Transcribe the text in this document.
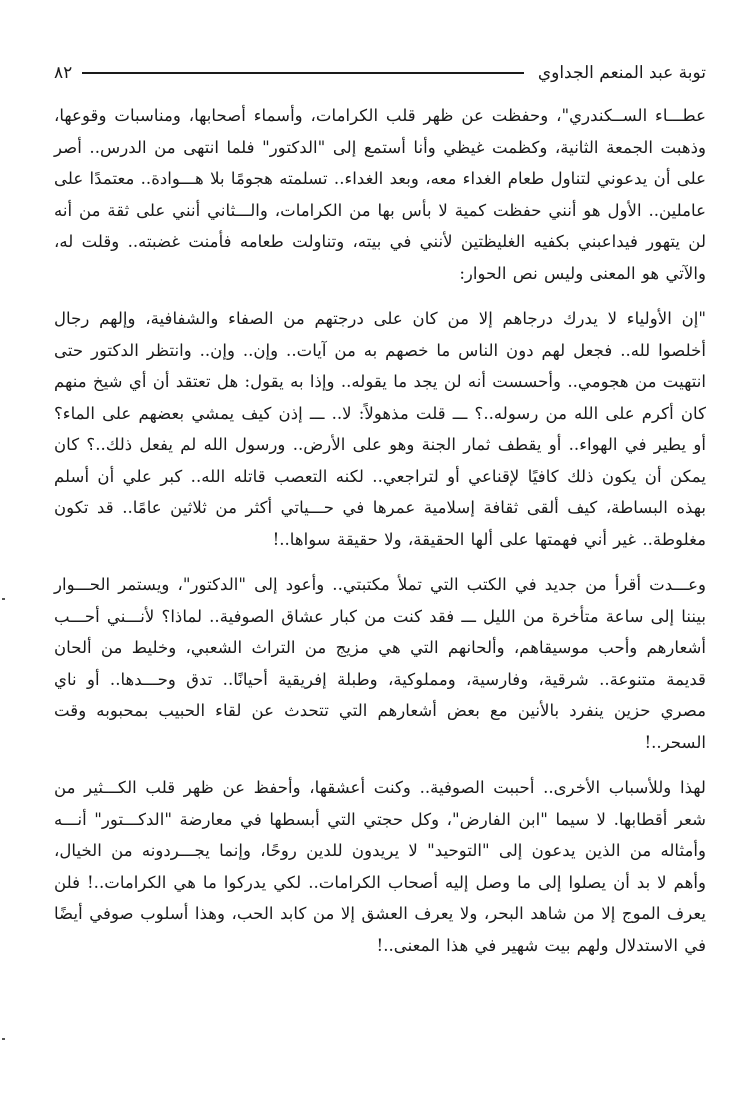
توبة عبد المنعم الجداوي
٨٢

عطـــاء الســكندري"، وحفظت عن ظهر قلب الكرامات، وأسماء أصحابها، ومناسبات وقوعها، وذهبت الجمعة الثانية، وكظمت غيظي وأنا أستمع إلى "الدكتور" فلما انتهى من الدرس.. أصر على أن يدعوني لتناول طعام الغداء معه، وبعد الغداء.. تسلمته هجومًا بلا هـــوادة.. معتمدًا على عاملين.. الأول هو أنني حفظت كمية لا بأس بها من الكرامات، والـــثاني أنني على ثقة من أنه لن يتهور فيداعبني بكفيه الغليظتين لأنني في بيته، وتناولت طعامه فأمنت غضبته.. وقلت له، والآتي هو المعنى وليس نص الحوار:

"إن الأولياء لا يدرك درجاهم إلا من كان على درجتهم من الصفاء والشفافية، وإلهم رجال أخلصوا لله.. فجعل لهم دون الناس ما خصهم به من آيات.. وإن.. وإن.. وانتظر الدكتور حتى انتهيت من هجومي.. وأحسست أنه لن يجد ما يقوله.. وإذا به يقول: هل تعتقد أن أي شيخ منهم كان أكرم على الله من رسوله..؟ ـــ قلت مذهولاً: لا.. ـــ إذن كيف يمشي بعضهم على الماء؟ أو يطير في الهواء.. أو يقطف ثمار الجنة وهو على الأرض.. ورسول الله لم يفعل ذلك..؟ كان يمكن أن يكون ذلك كافيًا لإقناعي أو لتراجعي.. لكنه التعصب قاتله الله.. كبر علي أن أسلم بهذه البساطة، كيف ألقى ثقافة إسلامية عمرها في حـــياتي أكثر من ثلاثين عامًا.. قد تكون مغلوطة.. غير أني فهمتها على ألها الحقيقة، ولا حقيقة سواها..!

وعـــدت أقرأ من جديد في الكتب التي تملأ مكتبتي.. وأعود إلى "الدكتور"، ويستمر الحـــوار بيننا إلى ساعة متأخرة من الليل ـــ فقد كنت من كبار عشاق الصوفية.. لماذا؟ لأنـــني أحـــب أشعارهم وأحب موسيقاهم، وألحانهم التي هي مزيج من التراث الشعبي، وخليط من ألحان قديمة متنوعة.. شرقية، وفارسية، ومملوكية، وطبلة إفريقية أحيانًا.. تدق وحـــدها.. أو ناي مصري حزين ينفرد بالأنين مع بعض أشعارهم التي تتحدث عن لقاء الحبيب بمحبوبه وقت السحر..!

لهذا وللأسباب الأخرى.. أحببت الصوفية.. وكنت أعشقها، وأحفظ عن ظهر قلب الكـــثير من شعر أقطابها. لا سيما "ابن الفارض"، وكل حجتي التي أبسطها في معارضة "الدكـــتور" أنـــه وأمثاله من الذين يدعون إلى "التوحيد" لا يريدون للدين روحًا، وإنما يجـــردونه من الخيال، وأهم لا بد أن يصلوا إلى ما وصل إليه أصحاب الكرامات.. لكي يدركوا ما هي الكرامات..! فلن يعرف الموج إلا من شاهد البحر، ولا يعرف العشق إلا من كابد الحب، وهذا أسلوب صوفي أيضًا في الاستدلال ولهم بيت شهير في هذا المعنى..!
